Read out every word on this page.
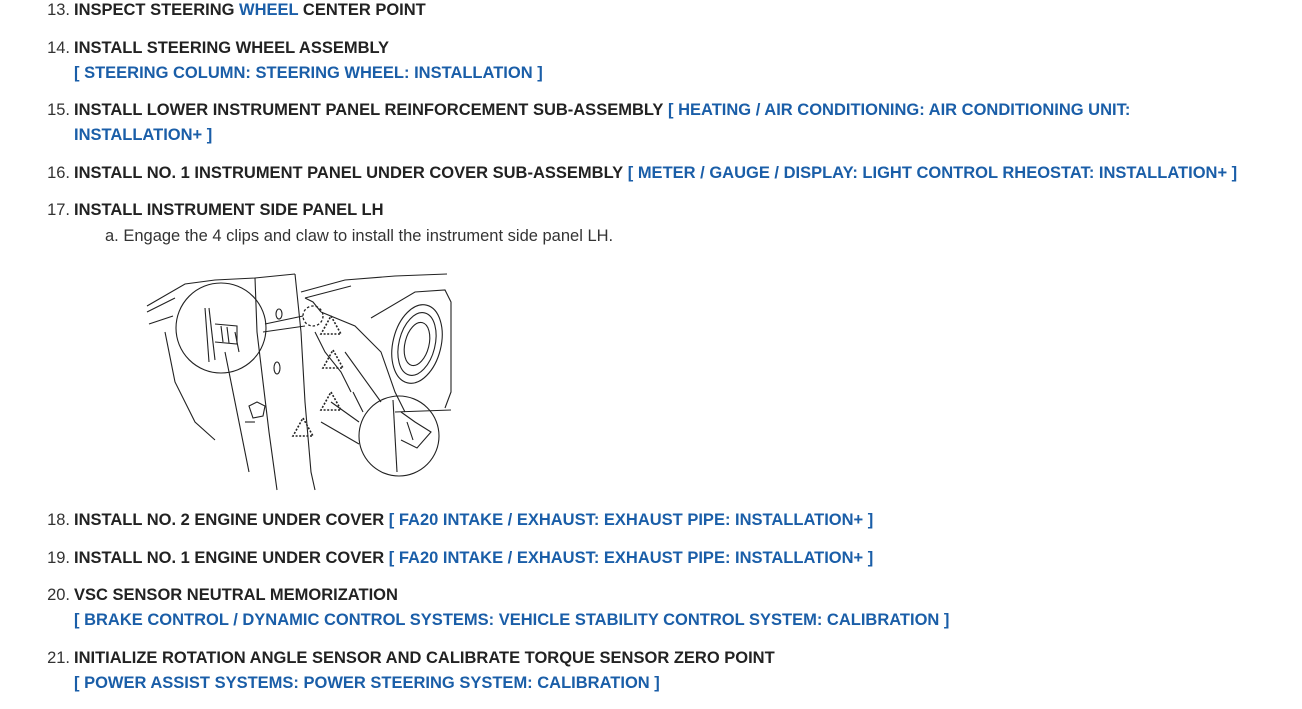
13. INSPECT STEERING WHEEL CENTER POINT
14. INSTALL STEERING WHEEL ASSEMBLY
[ STEERING COLUMN: STEERING WHEEL: INSTALLATION ]
15. INSTALL LOWER INSTRUMENT PANEL REINFORCEMENT SUB-ASSEMBLY [ HEATING / AIR CONDITIONING: AIR CONDITIONING UNIT:
INSTALLATION+ ]
16. INSTALL NO. 1 INSTRUMENT PANEL UNDER COVER SUB-ASSEMBLY [ METER / GAUGE / DISPLAY: LIGHT CONTROL RHEOSTAT: INSTALLATION+ ]
17. INSTALL INSTRUMENT SIDE PANEL LH
a. Engage the 4 clips and claw to install the instrument side panel LH.
18. INSTALL NO. 2 ENGINE UNDER COVER [ FA20 INTAKE / EXHAUST: EXHAUST PIPE: INSTALLATION+ ]
19. INSTALL NO. 1 ENGINE UNDER COVER [ FA20 INTAKE / EXHAUST: EXHAUST PIPE: INSTALLATION+ ]
20. VSC SENSOR NEUTRAL MEMORIZATION
[ BRAKE CONTROL / DYNAMIC CONTROL SYSTEMS: VEHICLE STABILITY CONTROL SYSTEM: CALIBRATION ]
21. INITIALIZE ROTATION ANGLE SENSOR AND CALIBRATE TORQUE SENSOR ZERO POINT
[ POWER ASSIST SYSTEMS: POWER STEERING SYSTEM: CALIBRATION ]
